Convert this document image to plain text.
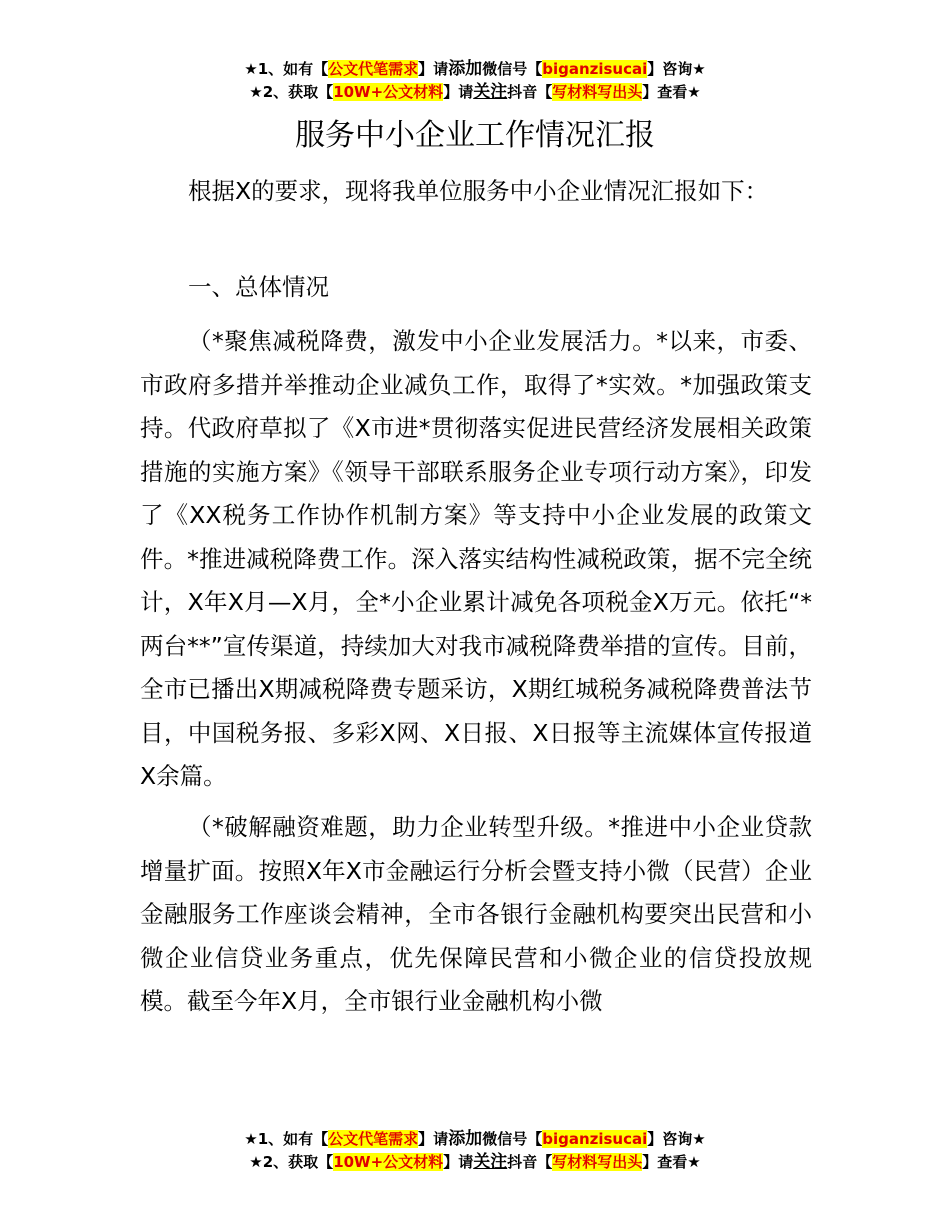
★1、如有【公文代笔需求】请添加微信号【biganzisucai】咨询★
★2、获取【10W+公文材料】请关注抖音【写材料写出头】查看★
服务中小企业工作情况汇报

根据X的要求，现将我单位服务中小企业情况汇报如下：

一、总体情况

（*聚焦减税降费，激发中小企业发展活力。*以来，市委、市政府多措并举推动企业减负工作，取得了*实效。*加强政策支持。代政府草拟了《X市进*贯彻落实促进民营经济发展相关政策措施的实施方案》《领导干部联系服务企业专项行动方案》，印发了《XX税务工作协作机制方案》等支持中小企业发展的政策文件。*推进减税降费工作。深入落实结构性减税政策，据不完全统计，X年X月—X月，全*小企业累计减免各项税金X万元。依托“*两台**”宣传渠道，持续加大对我市减税降费举措的宣传。目前，全市已播出X期减税降费专题采访，X期红城税务减税降费普法节目，中国税务报、多彩X网、X日报、X日报等主流媒体宣传报道X余篇。

（*破解融资难题，助力企业转型升级。*推进中小企业贷款增量扩面。按照X年X市金融运行分析会暨支持小微（民营）企业金融服务工作座谈会精神，全市各银行金融机构要突出民营和小微企业信贷业务重点，优先保障民营和小微企业的信贷投放规模。截至今年X月，全市银行业金融机构小微

★1、如有【公文代笔需求】请添加微信号【biganzisucai】咨询★
★2、获取【10W+公文材料】请关注抖音【写材料写出头】查看★
